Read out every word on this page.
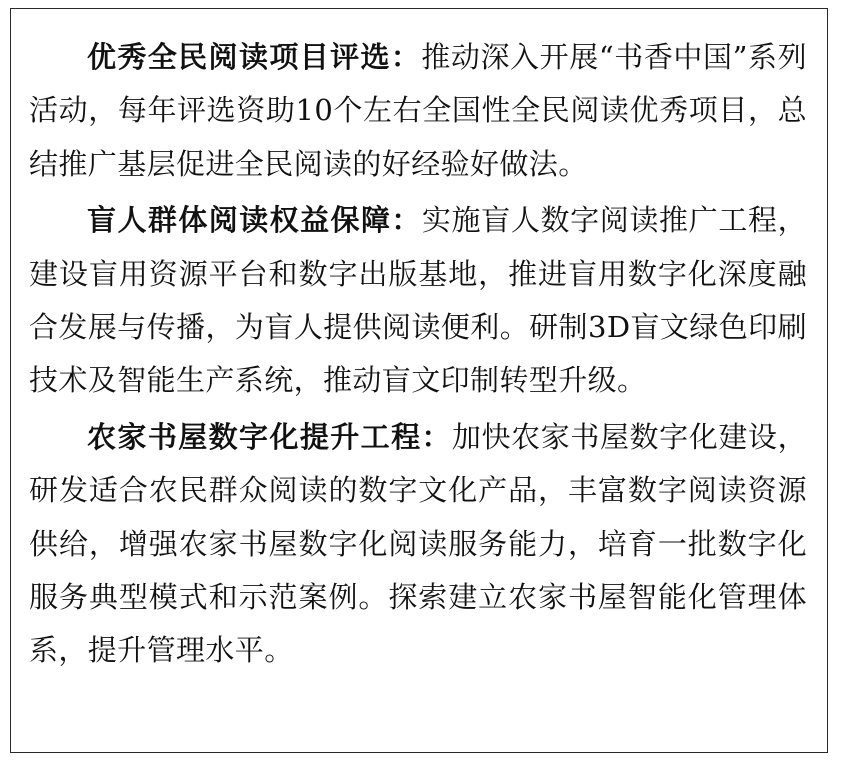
优秀全民阅读项目评选：推动深入开展“书香中国”系列活动，每年评选资助10个左右全国性全民阅读优秀项目，总结推广基层促进全民阅读的好经验好做法。

盲人群体阅读权益保障：实施盲人数字阅读推广工程，建设盲用资源平台和数字出版基地，推进盲用数字化深度融合发展与传播，为盲人提供阅读便利。研制3D盲文绿色印刷技术及智能生产系统，推动盲文印制转型升级。

农家书屋数字化提升工程：加快农家书屋数字化建设，研发适合农民群众阅读的数字文化产品，丰富数字阅读资源供给，增强农家书屋数字化阅读服务能力，培育一批数字化服务典型模式和示范案例。探索建立农家书屋智能化管理体系，提升管理水平。
